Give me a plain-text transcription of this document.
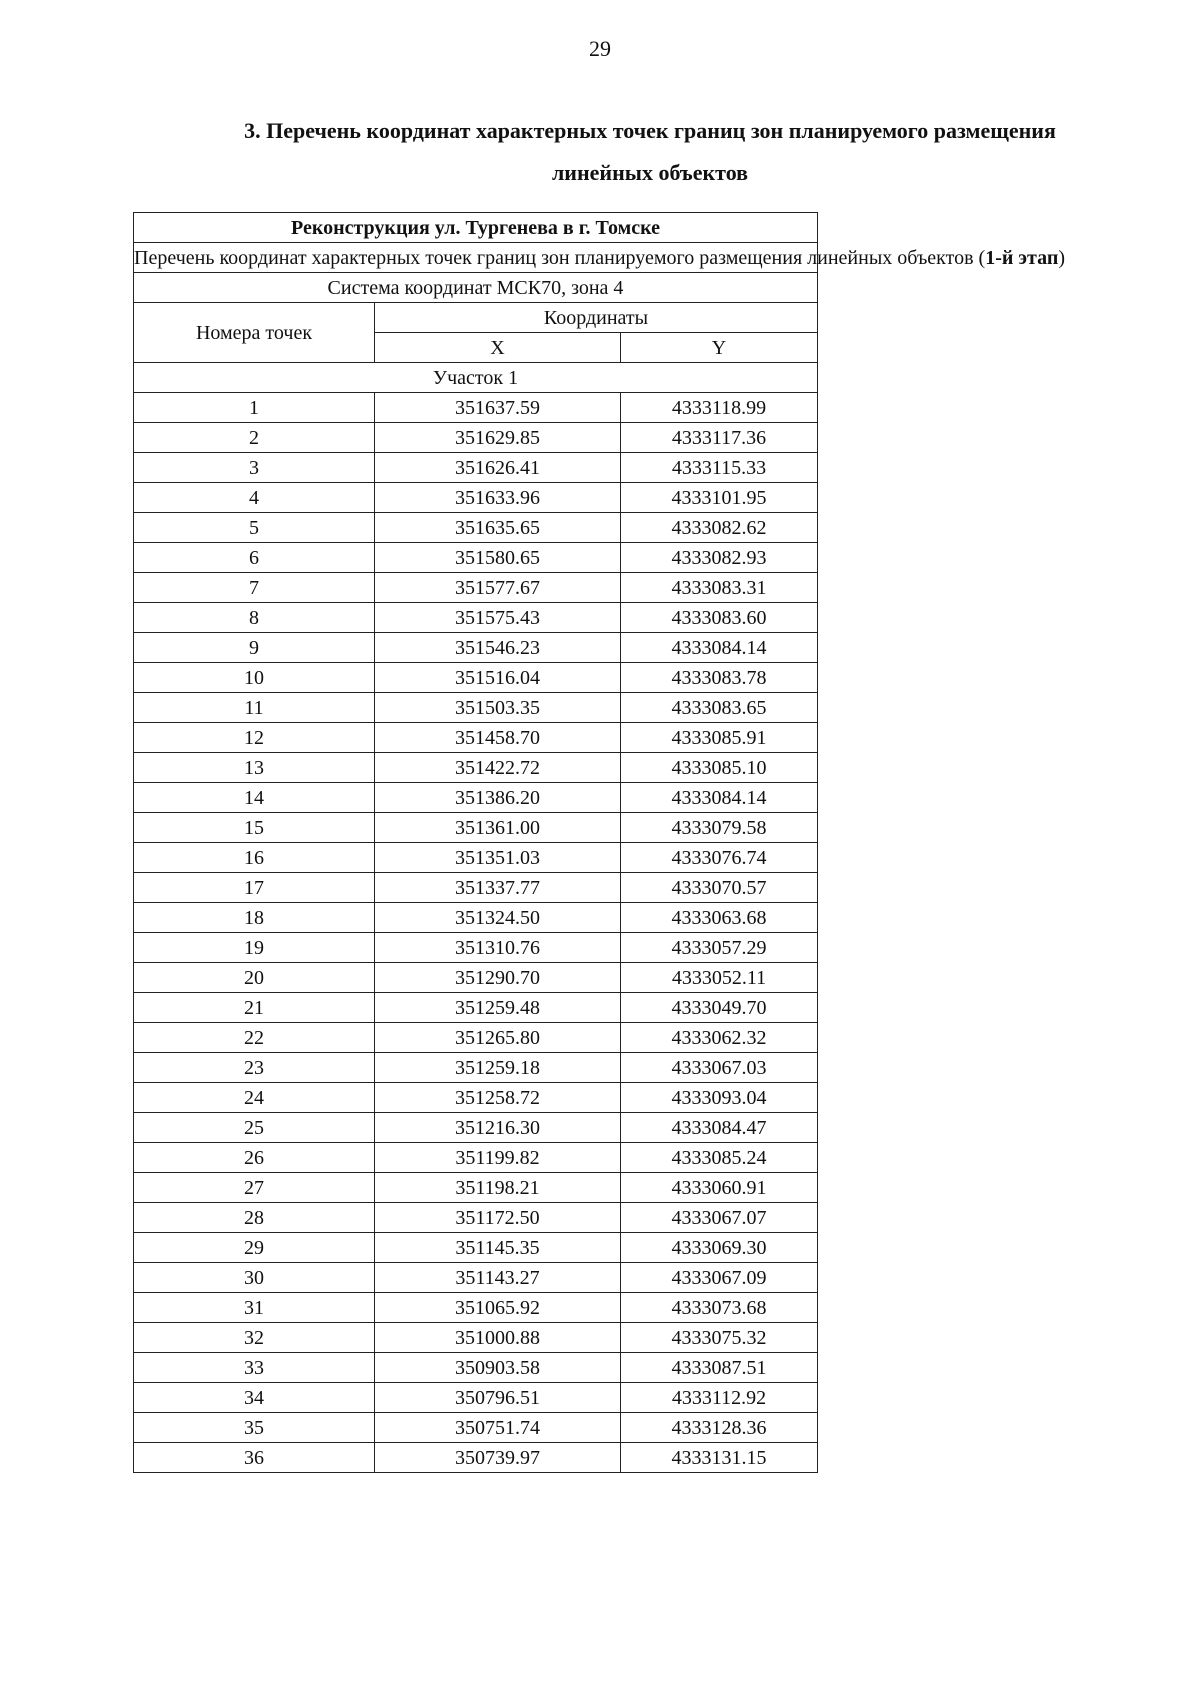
29
3. Перечень координат характерных точек границ зон планируемого размещения
линейных объектов
Реконструкция ул. Тургенева в г. Томске		
Перечень координат характерных точек границ зон планируемого размещения линейных объектов (1-й этап)		
Система координат МСК70, зона 4		
Номера точек	Координаты	
	X	Y
Участок 1		
1	351637.59	4333118.99
2	351629.85	4333117.36
3	351626.41	4333115.33
4	351633.96	4333101.95
5	351635.65	4333082.62
6	351580.65	4333082.93
7	351577.67	4333083.31
8	351575.43	4333083.60
9	351546.23	4333084.14
10	351516.04	4333083.78
11	351503.35	4333083.65
12	351458.70	4333085.91
13	351422.72	4333085.10
14	351386.20	4333084.14
15	351361.00	4333079.58
16	351351.03	4333076.74
17	351337.77	4333070.57
18	351324.50	4333063.68
19	351310.76	4333057.29
20	351290.70	4333052.11
21	351259.48	4333049.70
22	351265.80	4333062.32
23	351259.18	4333067.03
24	351258.72	4333093.04
25	351216.30	4333084.47
26	351199.82	4333085.24
27	351198.21	4333060.91
28	351172.50	4333067.07
29	351145.35	4333069.30
30	351143.27	4333067.09
31	351065.92	4333073.68
32	351000.88	4333075.32
33	350903.58	4333087.51
34	350796.51	4333112.92
35	350751.74	4333128.36
36	350739.97	4333131.15
